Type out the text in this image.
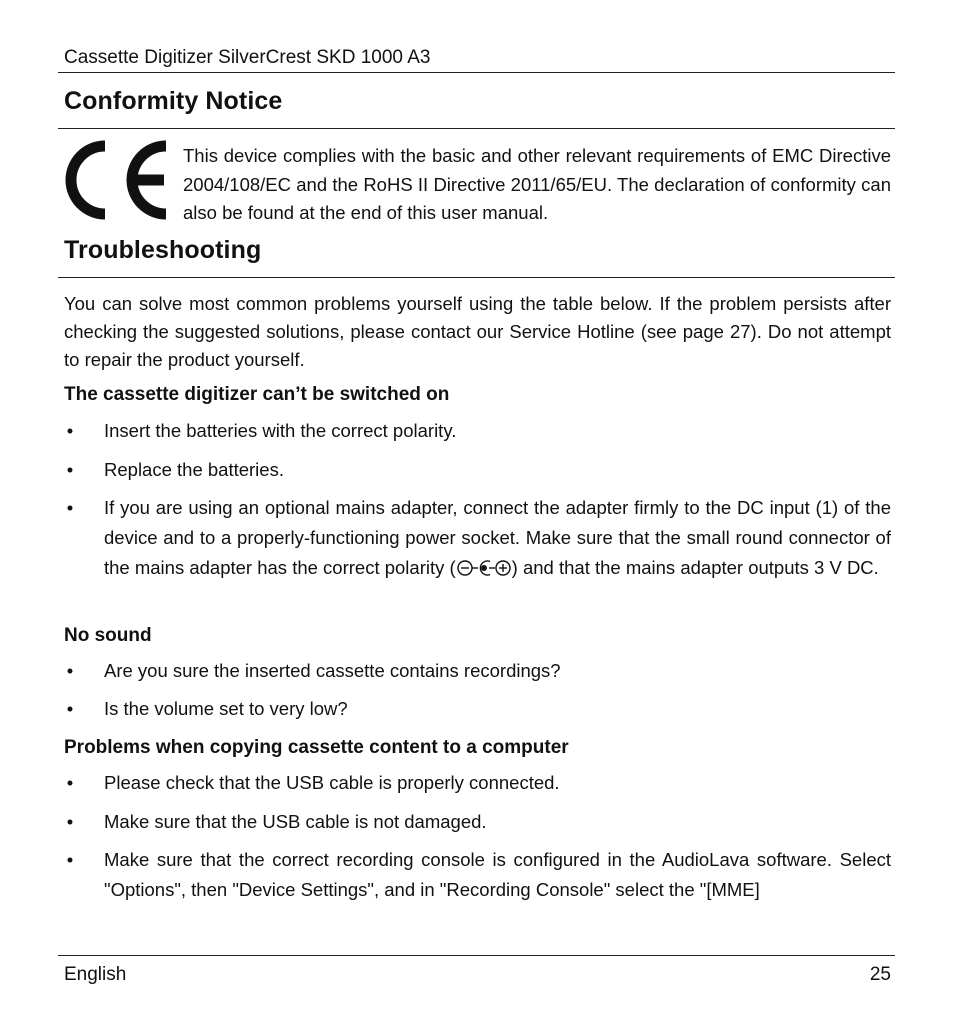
Cassette Digitizer SilverCrest SKD 1000 A3
Conformity Notice
This device complies with the basic and other relevant requirements of EMC Directive 2004/108/EC and the RoHS II Directive 2011/65/EU. The declaration of conformity can also be found at the end of this user manual.
Troubleshooting

You can solve most common problems yourself using the table below. If the problem persists after checking the suggested solutions, please contact our Service Hotline (see page 27). Do not attempt to repair the product yourself.

The cassette digitizer can’t be switched on
• Insert the batteries with the correct polarity.
• Replace the batteries.
• If you are using an optional mains adapter, connect the adapter firmly to the DC input (1) of the device and to a properly-functioning power socket. Make sure that the small round connector of the mains adapter has the correct polarity (	) and that the mains adapter outputs 3 V DC.
No sound
• Are you sure the inserted cassette contains recordings?
• Is the volume set to very low?
Problems when copying cassette content to a computer
• Please check that the USB cable is properly connected.
• Make sure that the USB cable is not damaged.
• Make sure that the correct recording console is configured in the AudioLava software. Select "Options", then "Device Settings", and in "Recording Console" select the "[MME]
English	25
